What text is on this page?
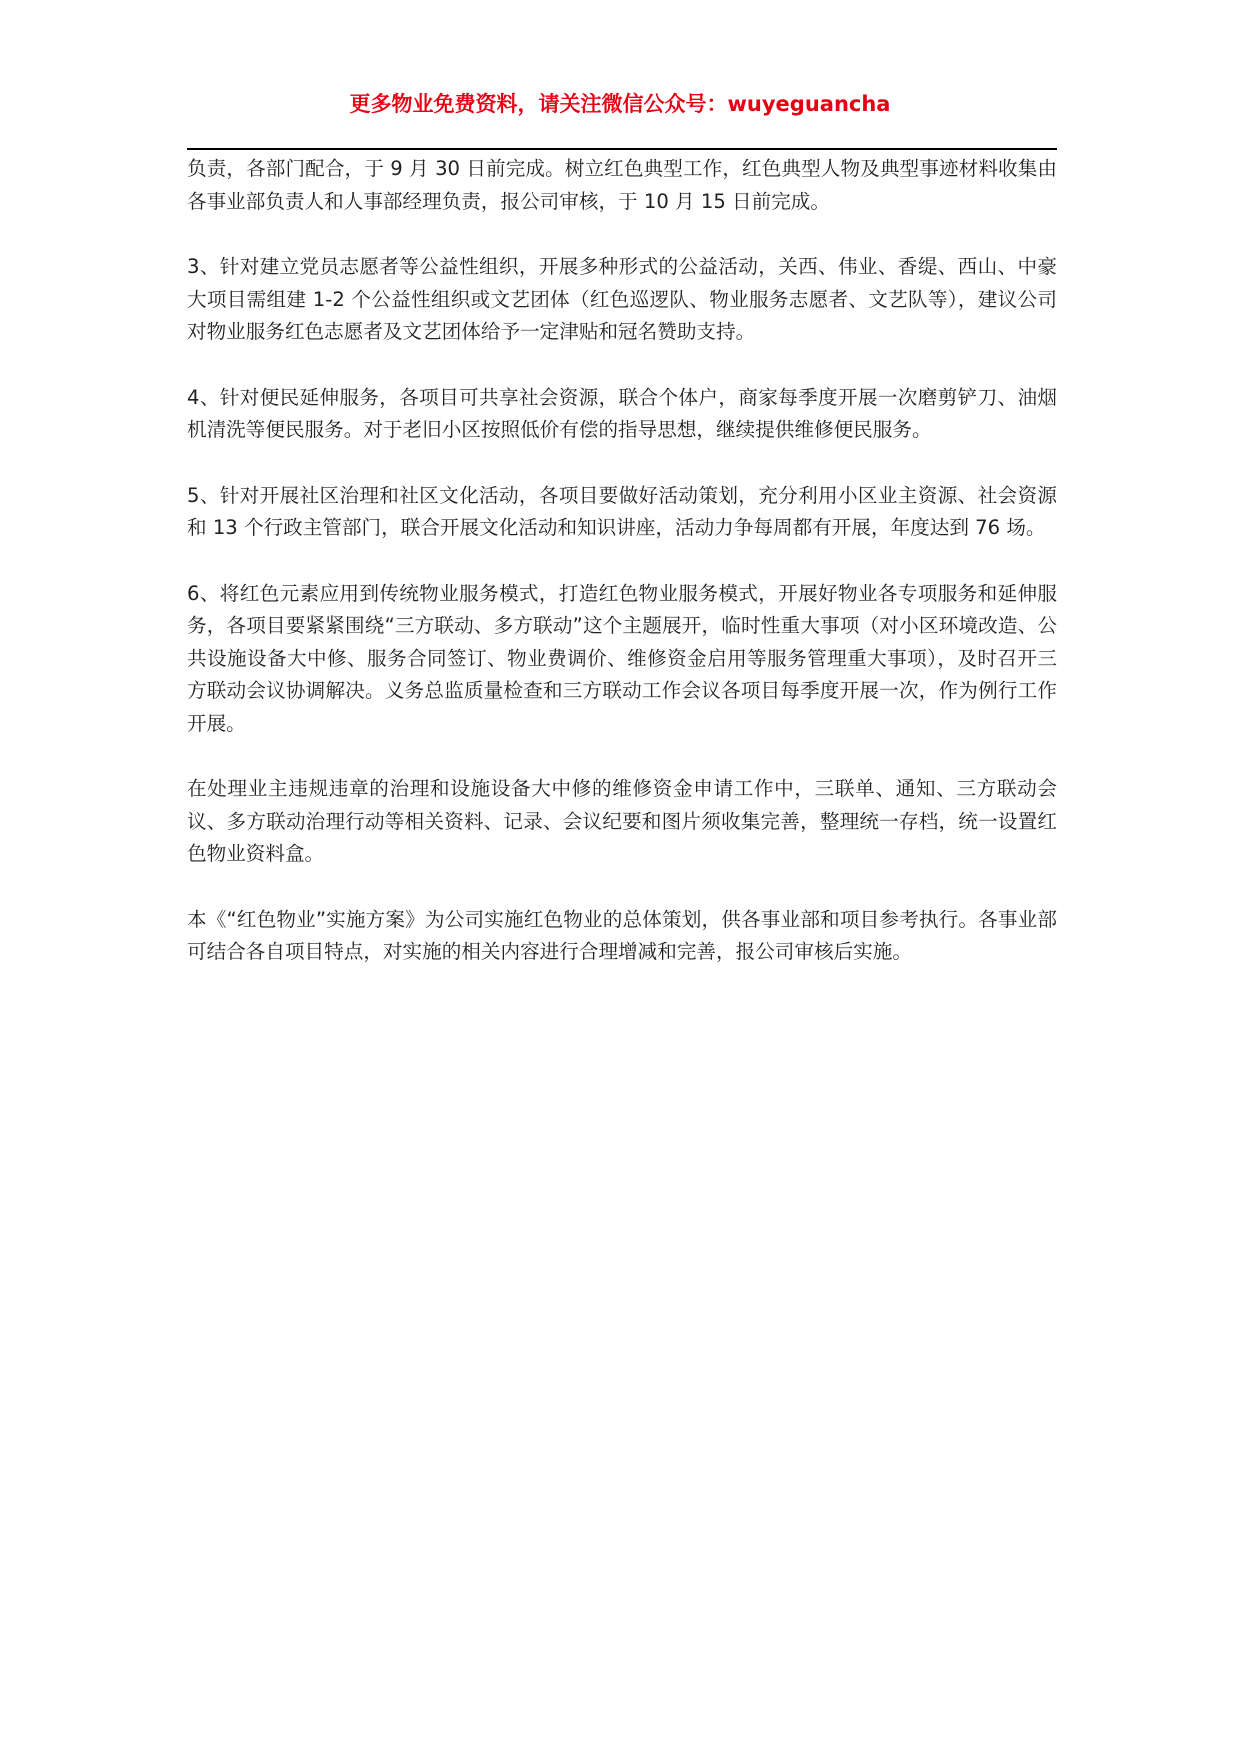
更多物业免费资料，请关注微信公众号：wuyeguancha

负责，各部门配合，于 9 月 30 日前完成。树立红色典型工作，红色典型人物及典型事迹材料收集由各事业部负责人和人事部经理负责，报公司审核，于 10 月 15 日前完成。

3、针对建立党员志愿者等公益性组织，开展多种形式的公益活动，关西、伟业、香缇、西山、中豪大项目需组建 1-2 个公益性组织或文艺团体（红色巡逻队、物业服务志愿者、文艺队等），建议公司对物业服务红色志愿者及文艺团体给予一定津贴和冠名赞助支持。

4、针对便民延伸服务，各项目可共享社会资源，联合个体户，商家每季度开展一次磨剪铲刀、油烟机清洗等便民服务。对于老旧小区按照低价有偿的指导思想，继续提供维修便民服务。

5、针对开展社区治理和社区文化活动，各项目要做好活动策划，充分利用小区业主资源、社会资源和 13 个行政主管部门，联合开展文化活动和知识讲座，活动力争每周都有开展，年度达到 76 场。

6、将红色元素应用到传统物业服务模式，打造红色物业服务模式，开展好物业各专项服务和延伸服务，各项目要紧紧围绕“三方联动、多方联动”这个主题展开，临时性重大事项（对小区环境改造、公共设施设备大中修、服务合同签订、物业费调价、维修资金启用等服务管理重大事项），及时召开三方联动会议协调解决。义务总监质量检查和三方联动工作会议各项目每季度开展一次，作为例行工作开展。

在处理业主违规违章的治理和设施设备大中修的维修资金申请工作中，三联单、通知、三方联动会议、多方联动治理行动等相关资料、记录、会议纪要和图片须收集完善，整理统一存档，统一设置红色物业资料盒。

本《“红色物业”实施方案》为公司实施红色物业的总体策划，供各事业部和项目参考执行。各事业部可结合各自项目特点，对实施的相关内容进行合理增减和完善，报公司审核后实施。
